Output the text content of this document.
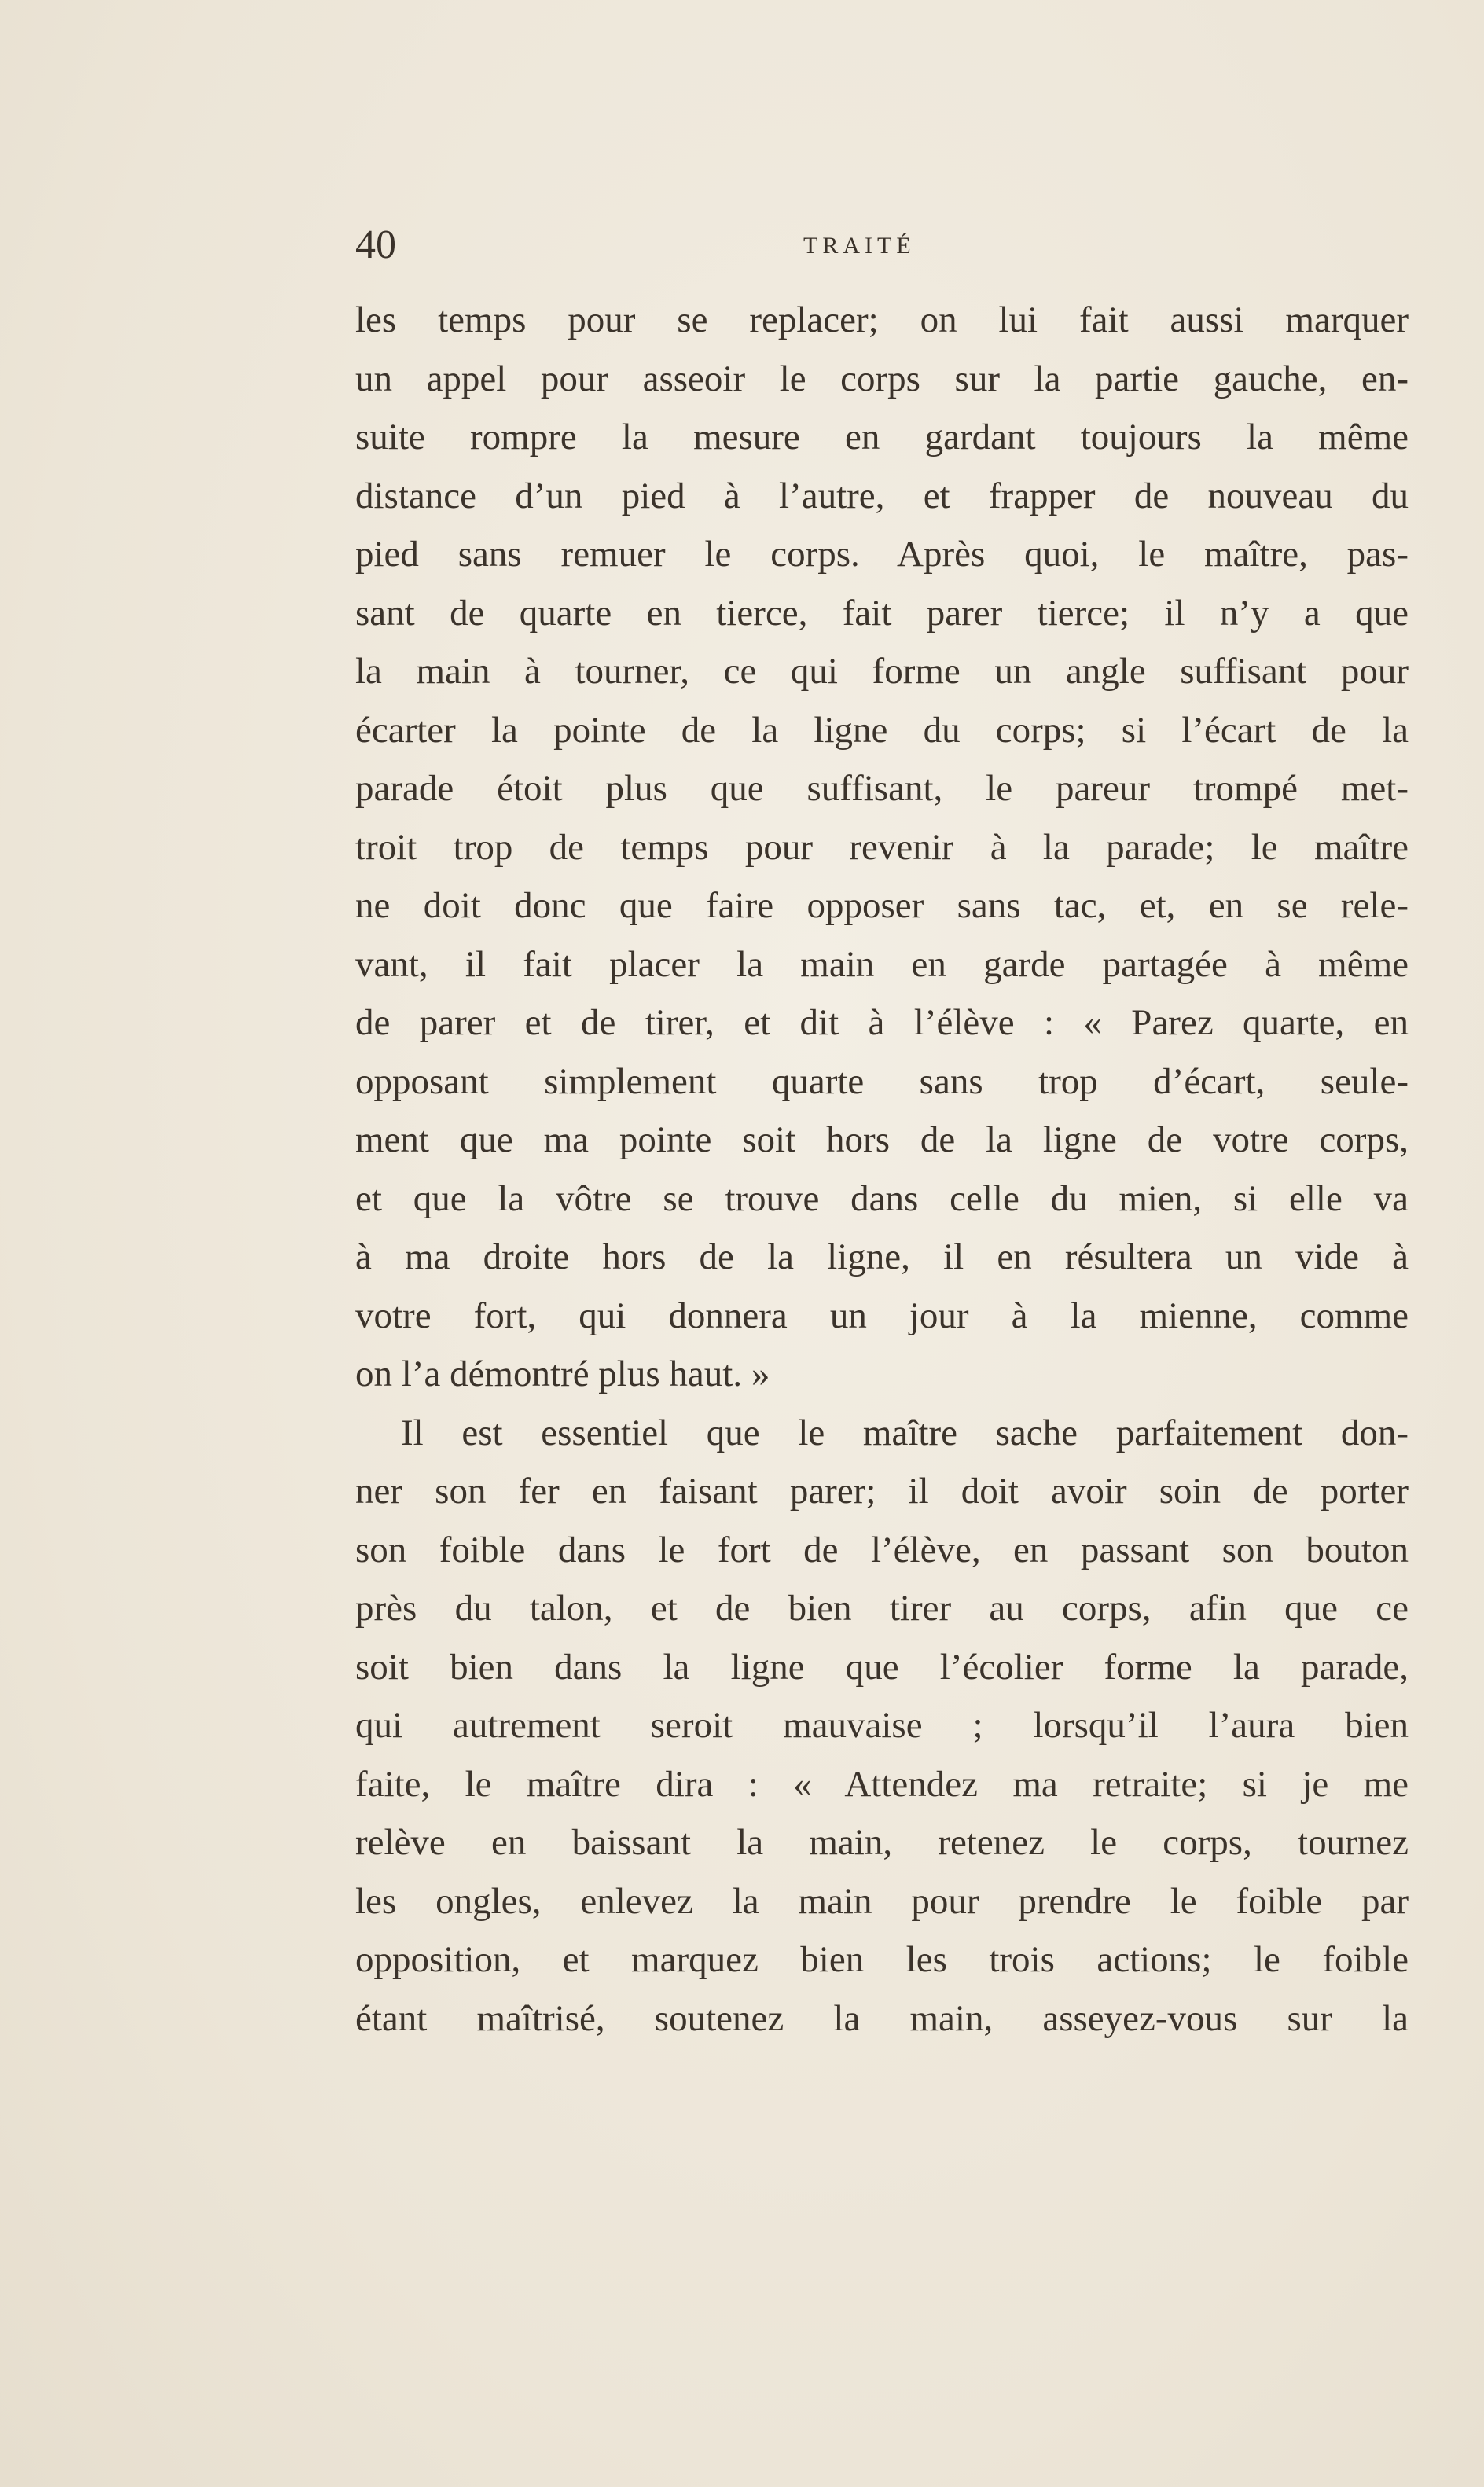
40	TRAITÉ
les temps pour se replacer; on lui fait aussi marquer
un appel pour asseoir le corps sur la partie gauche, en-
suite rompre la mesure en gardant toujours la même
distance d’un pied à l’autre, et frapper de nouveau du
pied sans remuer le corps. Après quoi, le maître, pas-
sant de quarte en tierce, fait parer tierce; il n’y a que
la main à tourner, ce qui forme un angle suffisant pour
écarter la pointe de la ligne du corps; si l’écart de la
parade étoit plus que suffisant, le pareur trompé met-
troit trop de temps pour revenir à la parade; le maître
ne doit donc que faire opposer sans tac, et, en se rele-
vant, il fait placer la main en garde partagée à même
de parer et de tirer, et dit à l’élève : « Parez quarte, en
opposant simplement quarte sans trop d’écart, seule-
ment que ma pointe soit hors de la ligne de votre corps,
et que la vôtre se trouve dans celle du mien, si elle va
à ma droite hors de la ligne, il en résultera un vide à
votre fort, qui donnera un jour à la mienne, comme
on l’a démontré plus haut. »
Il est essentiel que le maître sache parfaitement don-
ner son fer en faisant parer; il doit avoir soin de porter
son foible dans le fort de l’élève, en passant son bouton
près du talon, et de bien tirer au corps, afin que ce
soit bien dans la ligne que l’écolier forme la parade,
qui autrement seroit mauvaise ; lorsqu’il l’aura bien
faite, le maître dira : « Attendez ma retraite; si je me
relève en baissant la main, retenez le corps, tournez
les ongles, enlevez la main pour prendre le foible par
opposition, et marquez bien les trois actions; le foible
étant maîtrisé, soutenez la main, asseyez-vous sur la
